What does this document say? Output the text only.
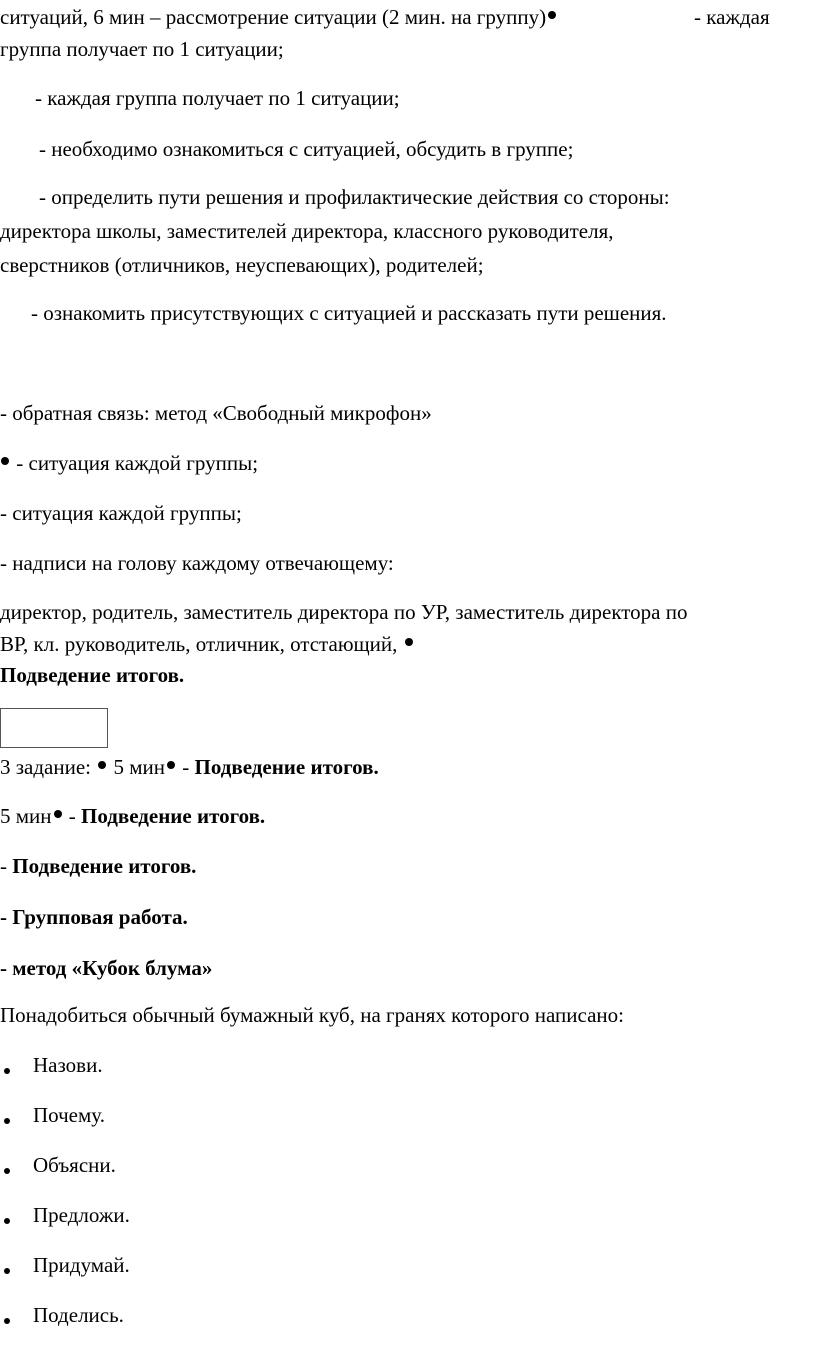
ситуаций, 6 мин – рассмотрение ситуации (2 мин. на группу)	- каждая
группа получает по 1 ситуации;
- каждая группа получает по 1 ситуации;
- необходимо ознакомиться с ситуацией, обсудить в группе;
- определить пути решения и профилактические действия со стороны:
директора школы, заместителей директора, классного руководителя,
сверстников (отличников, неуспевающих), родителей;
- ознакомить присутствующих с ситуацией и рассказать пути решения.
- обратная связь: метод «Свободный микрофон»
- ситуация каждой группы;
- ситуация каждой группы;
- надписи на голову каждому отвечающему:
директор, родитель, заместитель директора по УР, заместитель директора по
ВР, кл. руководитель, отличник, отстающий,
Подведение итогов.
3 задание: 5 мин - Подведение итогов.
5 мин - Подведение итогов.
- Подведение итогов.
- Групповая работа.
- метод «Кубок блума»
Понадобиться обычный бумажный куб, на гранях которого написано:
Назови.
Почему.
Объясни.
Предложи.
Придумай.
Поделись.
